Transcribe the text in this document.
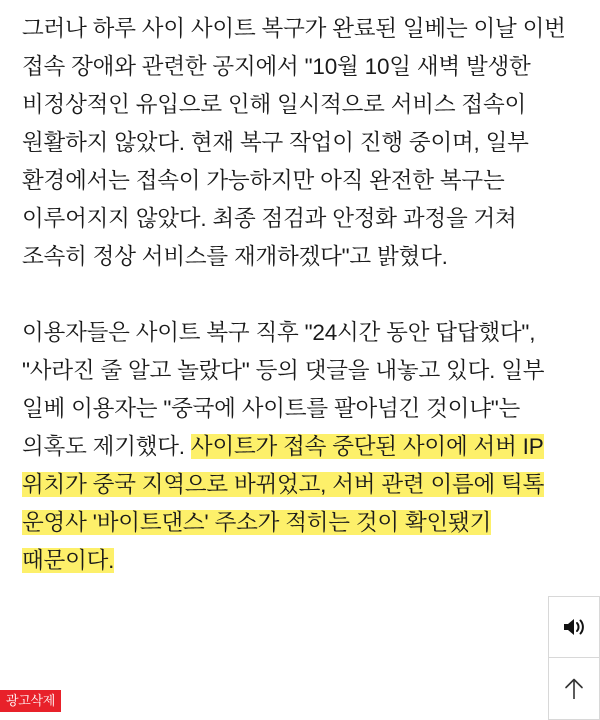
그러나 하루 사이 사이트 복구가 완료된 일베는 이날 이번 접속 장애와 관련한 공지에서 "10월 10일 새벽 발생한 비정상적인 유입으로 인해 일시적으로 서비스 접속이 원활하지 않았다. 현재 복구 작업이 진행 중이며, 일부 환경에서는 접속이 가능하지만 아직 완전한 복구는 이루어지지 않았다. 최종 점검과 안정화 과정을 거쳐 조속히 정상 서비스를 재개하겠다"고 밝혔다.

이용자들은 사이트 복구 직후 "24시간 동안 답답했다", "사라진 줄 알고 놀랐다" 등의 댓글을 내놓고 있다. 일부 일베 이용자는 "중국에 사이트를 팔아넘긴 것이냐"는 의혹도 제기했다. 사이트가 접속 중단된 사이에 서버 IP 위치가 중국 지역으로 바뀌었고, 서버 관련 이름에 틱톡 운영사 '바이트댄스' 주소가 적히는 것이 확인됐기 때문이다.

광고삭제
